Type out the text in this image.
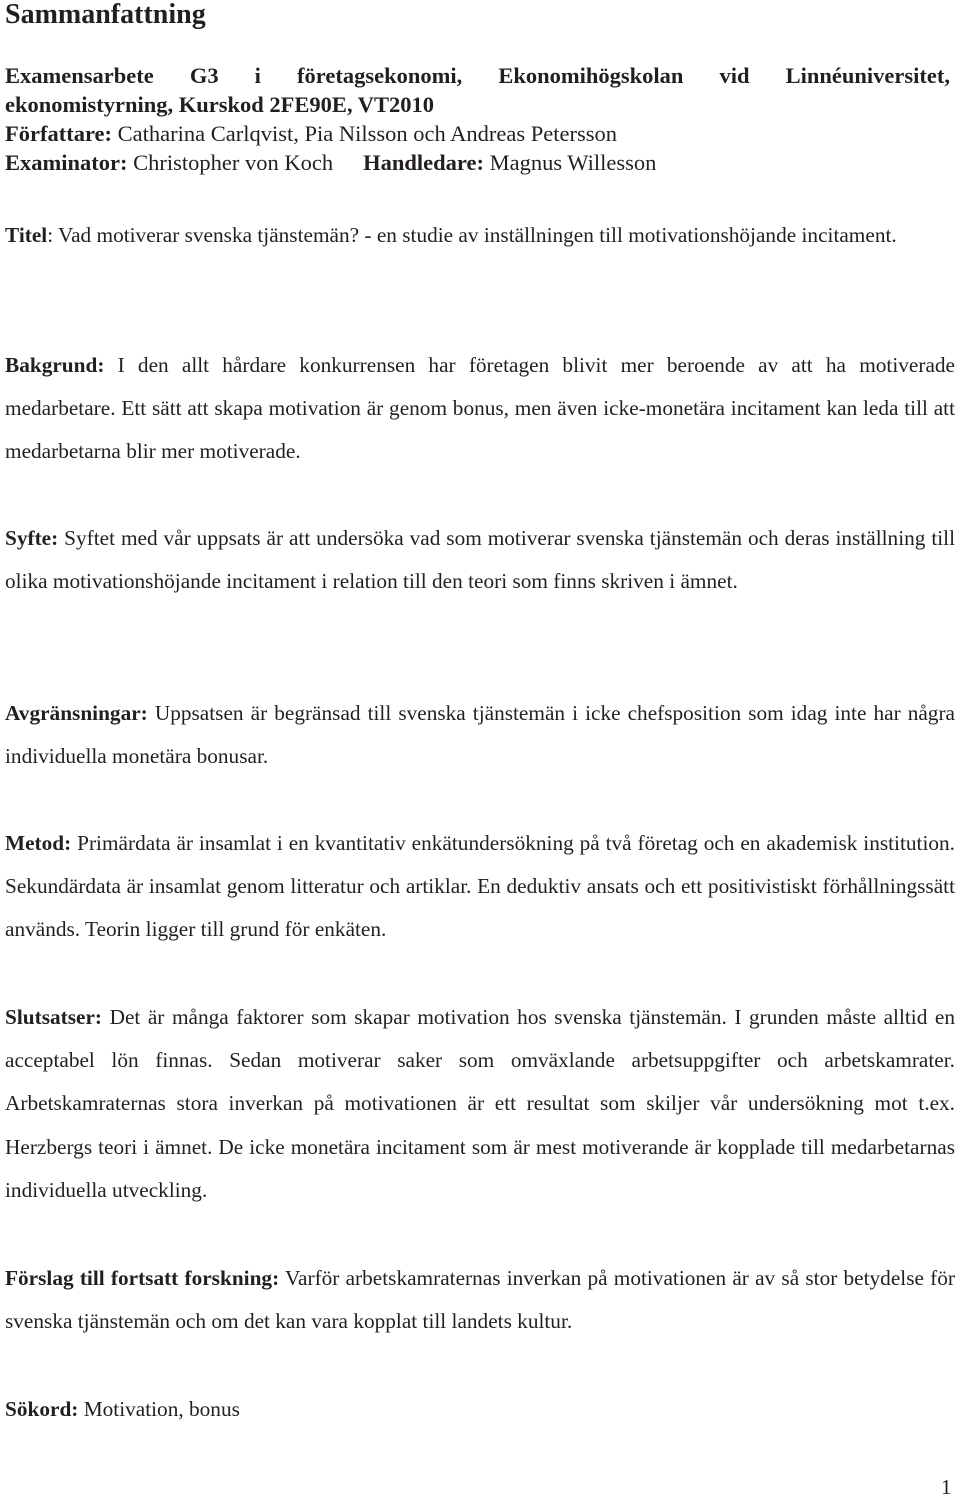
Sammanfattning
Examensarbete G3 i företagsekonomi, Ekonomihögskolan vid Linnéuniversitet,
ekonomistyrning, Kurskod 2FE90E, VT2010
Författare: Catharina Carlqvist, Pia Nilsson och Andreas Petersson
Examinator: Christopher von Koch Handledare: Magnus Willesson

Titel: Vad motiverar svenska tjänstemän? - en studie av inställningen till motivationshöjande incitament.

Bakgrund: I den allt hårdare konkurrensen har företagen blivit mer beroende av att ha motiverade medarbetare. Ett sätt att skapa motivation är genom bonus, men även icke-monetära incitament kan leda till att medarbetarna blir mer motiverade.

Syfte: Syftet med vår uppsats är att undersöka vad som motiverar svenska tjänstemän och deras inställning till olika motivationshöjande incitament i relation till den teori som finns skriven i ämnet.

Avgränsningar: Uppsatsen är begränsad till svenska tjänstemän i icke chefsposition som idag inte har några individuella monetära bonusar.

Metod: Primärdata är insamlat i en kvantitativ enkätundersökning på två företag och en akademisk institution. Sekundärdata är insamlat genom litteratur och artiklar. En deduktiv ansats och ett positivistiskt förhållningssätt används. Teorin ligger till grund för enkäten.

Slutsatser: Det är många faktorer som skapar motivation hos svenska tjänstemän. I grunden måste alltid en acceptabel lön finnas. Sedan motiverar saker som omväxlande arbetsuppgifter och arbetskamrater. Arbetskamraternas stora inverkan på motivationen är ett resultat som skiljer vår undersökning mot t.ex. Herzbergs teori i ämnet. De icke monetära incitament som är mest motiverande är kopplade till medarbetarnas individuella utveckling.

Förslag till fortsatt forskning: Varför arbetskamraternas inverkan på motivationen är av så stor betydelse för svenska tjänstemän och om det kan vara kopplat till landets kultur.

Sökord: Motivation, bonus

1
